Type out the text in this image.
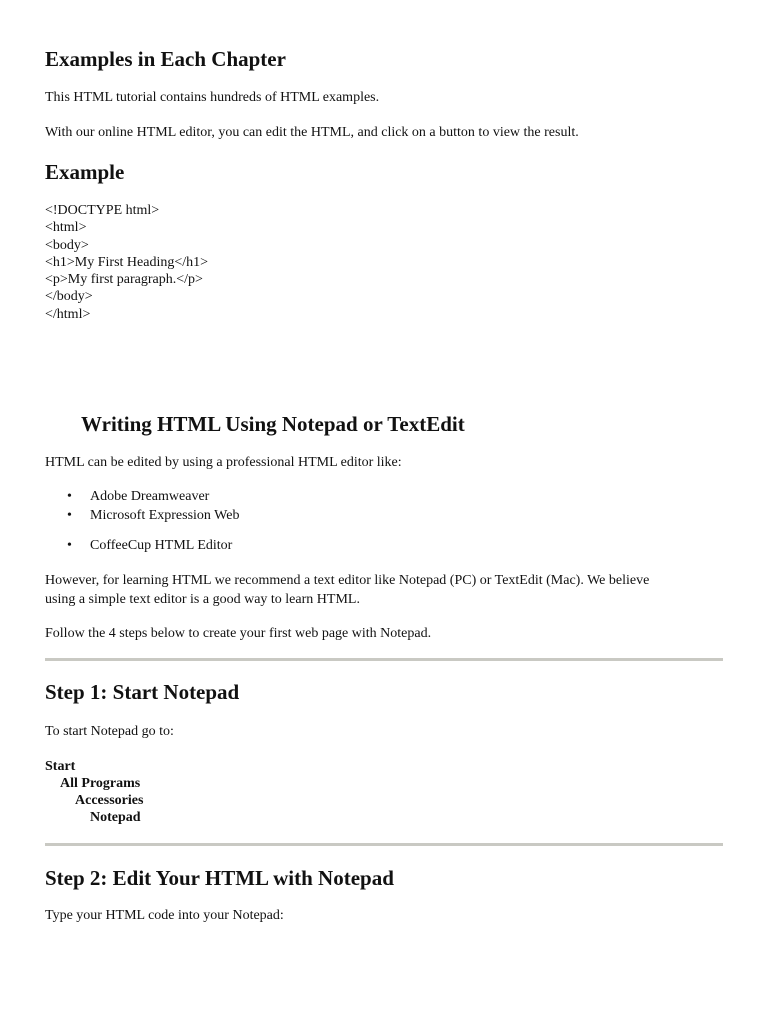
Examples in Each Chapter

This HTML tutorial contains hundreds of HTML examples.

With our online HTML editor, you can edit the HTML, and click on a button to view the result.

Example
<!DOCTYPE html>
<html>
<body>
<h1>My First Heading</h1>
<p>My first paragraph.</p>
</body>
</html>
Writing HTML Using Notepad or TextEdit

HTML can be edited by using a professional HTML editor like:

• Adobe Dreamweaver
• Microsoft Expression Web
• CoffeeCup HTML Editor

However, for learning HTML we recommend a text editor like Notepad (PC) or TextEdit (Mac). We believe

using a simple text editor is a good way to learn HTML.

Follow the 4 steps below to create your first web page with Notepad.

Step 1: Start Notepad

To start Notepad go to:

Start
All Programs
Accessories
Notepad
Step 2: Edit Your HTML with Notepad

Type your HTML code into your Notepad:
